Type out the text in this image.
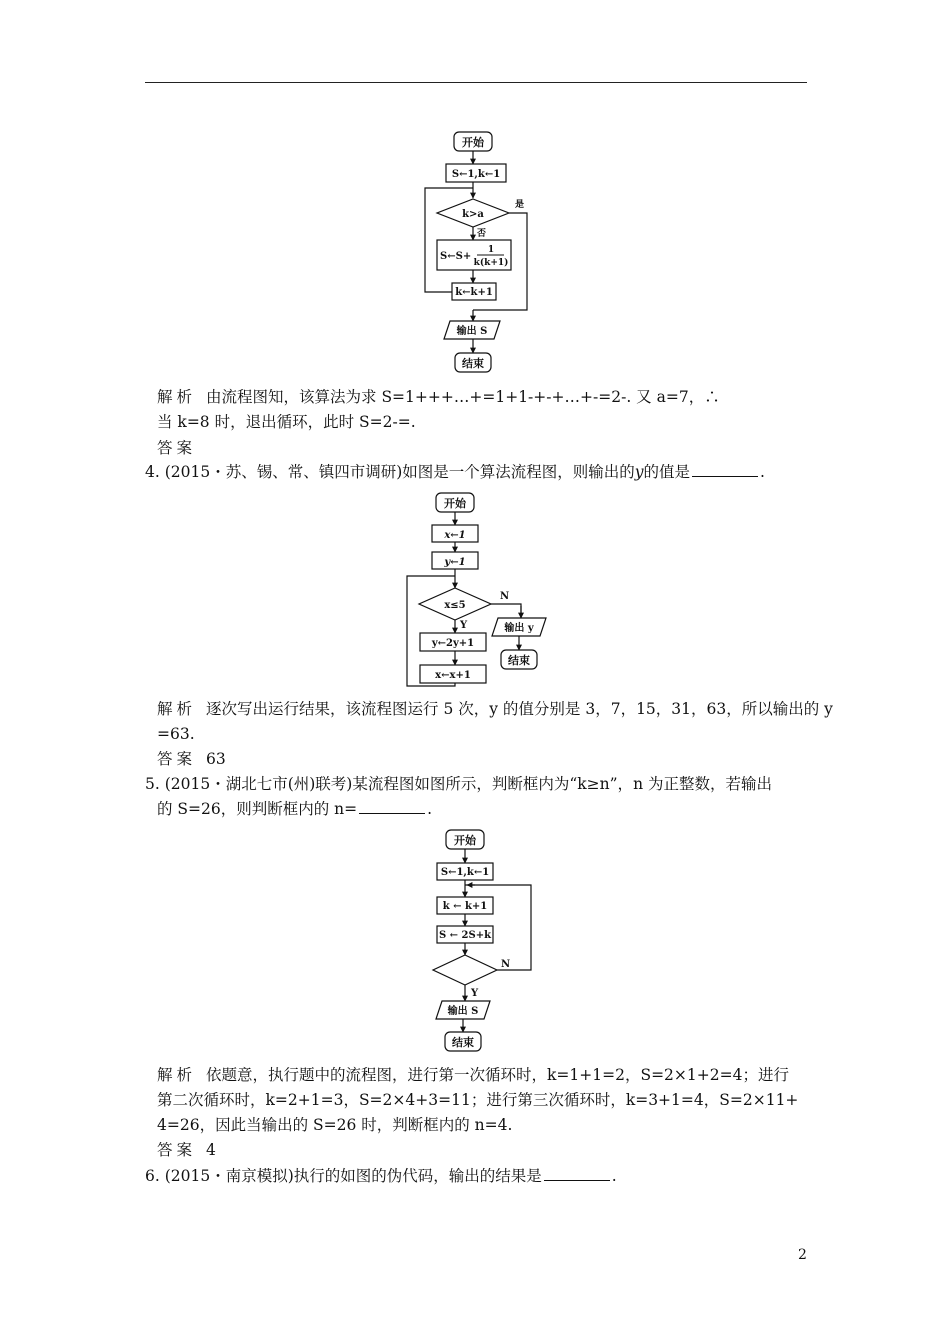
开始
S←1,k←1
k>a
是
否
S←S+
1
k(k+1)
k←k+1
输出 S
结束
解析 由流程图知，该算法为求 S=1+++…+=1+1-+-+…+-=2-. 又 a=7，∴
当 k=8 时，退出循环，此时 S=2-=.
答案
4. (2015・苏、锡、常、镇四市调研)如图是一个算法流程图，则输出的y的值是	.
开始
x←1
y←1
x≤5
N
Y	输出 y
结束
y←2y+1
x←x+1
解析 逐次写出运行结果，该流程图运行 5 次，y 的值分别是 3，7，15，31，63，所以输出的 y
=63.
答案 63
5. (2015・湖北七市(州)联考)某流程图如图所示，判断框内为“k≥n”，n 为正整数，若输出
的 S=26，则判断框内的 n=	.
开始
S←1,k←1
k ← k+1
S ← 2S+k
N
Y
输出 S
结束
解析 依题意，执行题中的流程图，进行第一次循环时，k=1+1=2，S=2×1+2=4；进行
第二次循环时，k=2+1=3，S=2×4+3=11；进行第三次循环时，k=3+1=4，S=2×11+
4=26，因此当输出的 S=26 时，判断框内的 n=4.
答案 4
6. (2015・南京模拟)执行的如图的伪代码，输出的结果是	.
2
